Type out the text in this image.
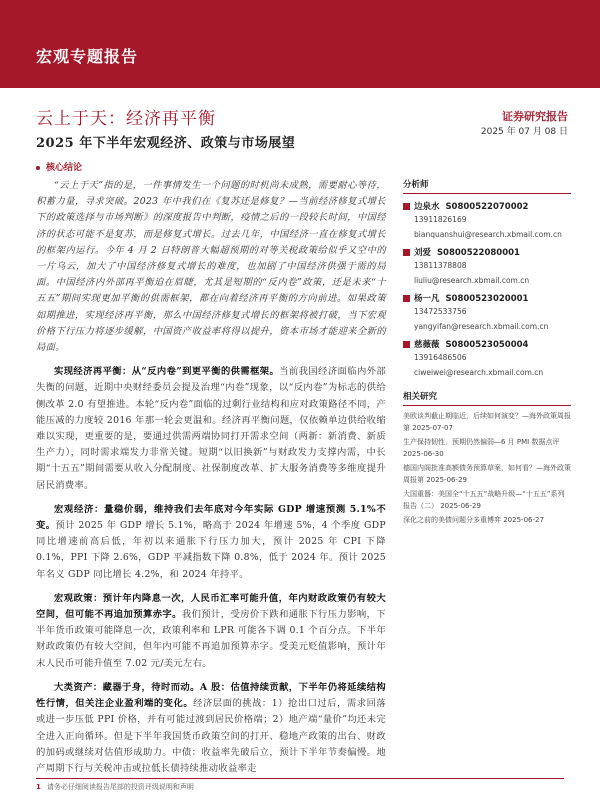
宏观专题报告
证券研究报告
2025 年 07 月 08 日
云上于天：经济再平衡
2025 年下半年宏观经济、政策与市场展望
核心结论

“云上于天”指的是，一件事情发生一个问题的时机尚未成熟，需要耐心等待，积蓄力量，寻求突破。2023 年中我们在《复苏还是修复？—当前经济修复式增长下的政策选择与市场判断》的深度报告中判断，疫情之后的一段较长时间，中国经济的状态可能不是复苏，而是修复式增长。过去几年，中国经济一直在修复式增长的框架内运行。今年 4 月 2 日特朗普大幅超预期的对等关税政策给似乎又空中的一片乌云，加大了中国经济修复式增长的难度，也加剧了中国经济供强于需的局面。中国经济内外部再平衡迫在眉睫，尤其是短期的“反内卷”政策，还是未来“十五五”期间实现更加平衡的供需框架，都在向着经济再平衡的方向前进。如果政策如期推进，实现经济再平衡，那么中国经济修复式增长的框架将被打破，当下宏观价格下行压力将逐步缓解，中国资产收益率将得以提升，资本市场才能迎来全新的局面。

实现经济再平衡：从“反内卷”到更平衡的供需框架。当前我国经济面临内外部失衡的问题，近期中央财经委员会提及治理“内卷”现象，以“反内卷”为标志的供给侧改革 2.0 有望推进。本轮“反内卷”面临的过剩行业结构和应对政策路径不同，产能压减的力度较 2016 年那一轮会更温和。经济再平衡问题，仅依赖单边供给收缩难以实现，更重要的是，要通过供需两端协同打开需求空间（两新：新消费、新质生产力），同时需求端发力非常关键。短期“以旧换新”与财政发力支撑内需，中长期“十五五”期间需要从收入分配制度、社保制度改革、扩大服务消费等多维度提升居民消费率。

宏观经济：量稳价弱，维持我们去年底对今年实际 GDP 增速预测 5.1%不变。预计 2025 年 GDP 增长 5.1%，略高于 2024 年增速 5%，4 个季度 GDP 同比增速前高后低，年初以来通胀下行压力加大，预计 2025 年 CPI 下降 0.1%，PPI 下降 2.6%，GDP 平减指数下降 0.8%，低于 2024 年。预计 2025 年名义 GDP 同比增长 4.2%，和 2024 年持平。

宏观政策：预计年内降息一次，人民币汇率可能升值，年内财政政策仍有较大空间，但可能不再追加预算赤字。我们预计，受房价下跌和通胀下行压力影响，下半年货币政策可能降息一次，政策利率和 LPR 可能各下调 0.1 个百分点。下半年财政政策仍有较大空间，但年内可能不再追加预算赤字。受美元贬值影响，预计年末人民币可能升值至 7.02 元/美元左右。

大类资产：藏器于身，待时而动。A 股：估值持续贡献，下半年仍将延续结构性行情，但关注企业盈利端的变化。经济层面的挑战：1）抢出口过后，需求回落或进一步压低 PPI 价格，并有可能过渡到居民价格端；2）地产端“量价”均还未完全进入正向循环。但是下半年我国货币政策空间的打开、稳地产政策的出台、财政的加码或继续对估值形成助力。中债：收益率先破后立，预计下半年节奏偏慢。地产周期下行与关税冲击或拉低长债持续推动收益率走

分析师
边泉水 S0800522070002
13911826169
bianquanshui@research.xbmail.com.cn
刘爱 S0800522080001
13811378808
liuliu@research.xbmail.com.cn
杨一凡 S0800523020001
13472533756
yangyifan@research.xbmail.com.cn
慈薇薇 S0800523050004
13916486506
ciweiwei@research.xbmail.com.cn
相关研究
美欧谈判截止期临近，后续如何演变？—海外政策周报第 2025-07-07
生产保持韧性，预期仍然偏弱—6 月 PMI 数据点评 2025-06-30
德国内阁批准高额债务预算草案，如何看？—海外政策周报第 2025-06-29
大国重器：美国全“十五五”战略升级—“十五五”系列报告（二） 2025-06-29
深化之前的美债问题分多重博弈 2025-06-27
1 请务必仔细阅读报告尾部的投资评级说明和声明
